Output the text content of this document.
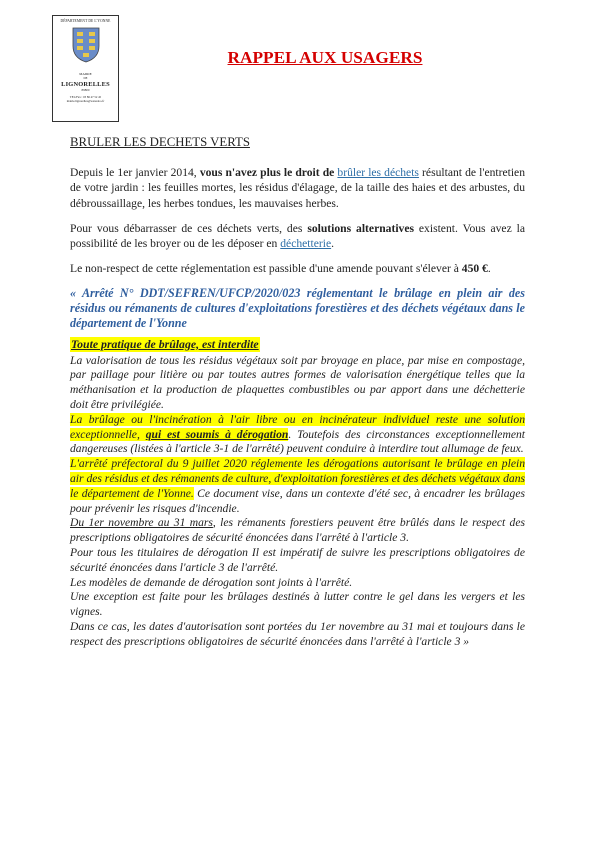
DÉPARTEMENT DE L'YONNE
MAIRIE
DE
LIGNORELLES
89800
TEL/Fax : 03 86 47 52 45
mairie.lignorelles@wanadoo.fr
RAPPEL AUX USAGERS
BRULER LES DECHETS VERTS

Depuis le 1er janvier 2014, vous n'avez plus le droit de brûler les déchets résultant de l'entretien de votre jardin : les feuilles mortes, les résidus d'élagage, de la taille des haies et des arbustes, du débroussaillage, les herbes tondues, les mauvaises herbes.

Pour vous débarrasser de ces déchets verts, des solutions alternatives existent. Vous avez la possibilité de les broyer ou de les déposer en déchetterie.

Le non-respect de cette réglementation est passible d'une amende pouvant s'élever à 450 €.

« Arrêté N° DDT/SEFREN/UFCP/2020/023 réglementant le brûlage en plein air des résidus ou rémanents de cultures d'exploitations forestières et des déchets végétaux dans le département de l'Yonne

Toute pratique de brûlage, est interdite

La valorisation de tous les résidus végétaux soit par broyage en place, par mise en compostage, par paillage pour litière ou par toutes autres formes de valorisation énergétique telles que la méthanisation et la production de plaquettes combustibles ou par apport dans une déchetterie doit être privilégiée.

La brûlage ou l'incinération à l'air libre ou en incinérateur individuel reste une solution exceptionnelle, qui est soumis à dérogation. Toutefois des circonstances exceptionnellement dangereuses (listées à l'article 3-1 de l'arrêté) peuvent conduire à interdire tout allumage de feux.

L'arrêté préfectoral du 9 juillet 2020 réglemente les dérogations autorisant le brûlage en plein air des résidus et des rémanents de culture, d'exploitation forestières et des déchets végétaux dans le département de l'Yonne. Ce document vise, dans un contexte d'été sec, à encadrer les brûlages pour prévenir les risques d'incendie.

Du 1er novembre au 31 mars, les rémanents forestiers peuvent être brûlés dans le respect des prescriptions obligatoires de sécurité énoncées dans l'arrêté à l'article 3.

Pour tous les titulaires de dérogation Il est impératif de suivre les prescriptions obligatoires de sécurité énoncées dans l'article 3 de l'arrêté.

Les modèles de demande de dérogation sont joints à l'arrêté.

Une exception est faite pour les brûlages destinés à lutter contre le gel dans les vergers et les vignes.

Dans ce cas, les dates d'autorisation sont portées du 1er novembre au 31 mai et toujours dans le respect des prescriptions obligatoires de sécurité énoncées dans l'arrêté à l'article 3 »
